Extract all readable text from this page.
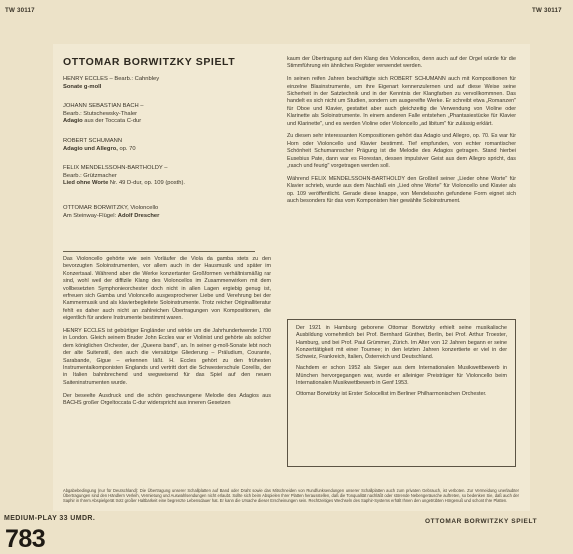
TW 30117	TW 30117
OTTOMAR BORWITZKY SPIELT
HENRY ECCLES – Bearb.: Cahnbley
Sonate g-moll
JOHANN SEBASTIAN BACH –
Bearb.: Stutschewsky-Thaler
Adagio aus der Toccata C-dur
ROBERT SCHUMANN
Adagio und Allegro, op. 70
FELIX MENDELSSOHN-BARTHOLDY –
Bearb.: Grützmacher
Lied ohne Worte Nr. 49 D-dur, op. 109 (posth).
OTTOMAR BORWITZKY, Violoncello
Am Steinway-Flügel: Adolf Drescher

Das Violoncello gehörte wie sein Vorläufer die Viola da gamba stets zu den bevorzugten Soloinstrumenten, vor allem auch in der Hausmusik und später im Konzertsaal. Während aber die Werke konzertanter Großformen verhältnismäßig rar sind, wohl weil der diffizile Klang des Violoncellos im Zusammenwirken mit dem vollbesetzten Symphonieorchester doch nicht in allen Lagen ergiebig genug ist, erfreuen sich Gamba und Violoncello ausgesprochener Liebe und Verehrung bei der Kammermusik und als klavierbegleitete Soloinstrumente. Trotz reicher Originalliteratur fehlt es daher auch nicht an zahlreichen Übertragungen von Kompositionen, die eigentlich für andere Instrumente bestimmt waren.

HENRY ECCLES ist gebürtiger Engländer und wirkte um die Jahrhundertwende 1700 in London. Gleich seinem Bruder John Eccles war er Violinist und gehörte als solcher dem königlichen Orchester, der „Queens band", an. In seiner g-moll-Sonate lebt noch der alte Suitenstil, den auch die viersätzige Gliederung – Präludium, Courante, Sarabande, Gigue – erkennen läßt. H. Eccles gehört zu den frühesten Instrumentalkomponisten Englands und vertritt dort die Schwesterschule Corellis, der in Italien bahnbrechend und wegweisend für das Spiel auf den neuen Saiteninstrumenten wurde.

Der beseelte Ausdruck und die schön geschwungene Melodie des Adagios aus BACHS großer Orgeltoccata C-dur widerspricht aus inneren Gesetzen

kaum der Übertragung auf den Klang des Violoncellos, denn auch auf der Orgel würde für die Stimmführung ein ähnliches Register verwendet werden.

In seinen reifen Jahren beschäftigte sich ROBERT SCHUMANN auch mit Kompositionen für einzelne Blasinstrumente, um ihre Eigenart kennenzulernen und auf diese Weise seine Sicherheit in der Satztechnik und in der Kenntnis der Klangfarben zu vervollkommnen. Das handelt es sich nicht um Studien, sondern um ausgereifte Werke. Er schreibt etwa „Romanzen" für Oboe und Klavier, gestattet aber auch gleichzeitig die Verwendung von Violine oder Klarinette als Soloinstrumente. In einem anderen Falle entstehen „Phantasiestücke für Klavier und Klarinette", und es werden Violine oder Violoncello „ad libitum" für zulässig erklärt.

Zu diesen sehr interessanten Kompositionen gehört das Adagio und Allegro, op. 70. Es war für Horn oder Violoncello und Klavier bestimmt. Tief empfunden, von echter romantischer Schönheit Schumannscher Prägung ist die Melodie des Adagios getragen. Stand hierbei Eusebius Pate, dann war es Florestan, dessen impulsiver Geist aus dem Allegro spricht, das „rasch und feurig" vorgetragen werden soll.

Während FELIX MENDELSSOHN-BARTHOLDY den Großteil seiner „Lieder ohne Worte" für Klavier schrieb, wurde aus dem Nachlaß ein „Lied ohne Worte" für Violoncello und Klavier als op. 109 veröffentlicht. Gerade diese knappe, von Mendelssohn gefundene Form eignet sich auch besonders für das vom Komponisten hier gewählte Soloinstrument.

Der 1921 in Hamburg geborene Ottomar Borwitzky erhielt seine musikalische Ausbildung vornehmlich bei Prof. Bernhard Günther, Berlin, bei Prof. Arthur Troester, Hamburg, und bei Prof. Paul Grümmer, Zürich. Im Alter von 12 Jahren begann er seine Konzerttätigkeit mit einer Tournee; in den letzten Jahren konzertierte er viel in der Schweiz, Frankreich, Italien, Österreich und Deutschland.

Nachdem er schon 1952 als Sieger aus dem Internationalen Musikwettbewerb in München hervorgegangen war, wurde er alleiniger Preisträger für Violoncello beim Internationalen Musikwettbewerb in Genf 1953.

Ottomar Borwitzky ist Erster Solocellist im Berliner Philharmonischen Orchester.

Abgabebedingung (nur für Deutschland): Die Übertragung unserer Schallplatten auf Band oder Draht sowie das Mitschneiden von Rundfunksendungen unserer Schallplatten auch zum privaten Gebrauch, ist verboten. Zur Vermeidung unerlaubter Übertragungen sind den Händlern Verleih, Vermietung und Auswahlsendungen nicht erlaubt. Sollte sich beim Abspielen Ihrer Platten herausstellen, daß die Tonqualität nachläßt oder störende Nebengeräusche auftreten, so bedenken Sie, daß auch der Saphir in Ihrem Abspielgerät trotz großer Haltbarkeit eine begrenzte Lebensdauer hat. Er kann die Ursache dieser Erscheinungen sein. Rechtzeitiges Wechseln des Saphir-Systems erhält Ihnen den ungetrübten Hörgenuß und schont Ihre Platten.
MEDIUM-PLAY 33 UMDR.
783
OTTOMAR BORWITZKY SPIELT
